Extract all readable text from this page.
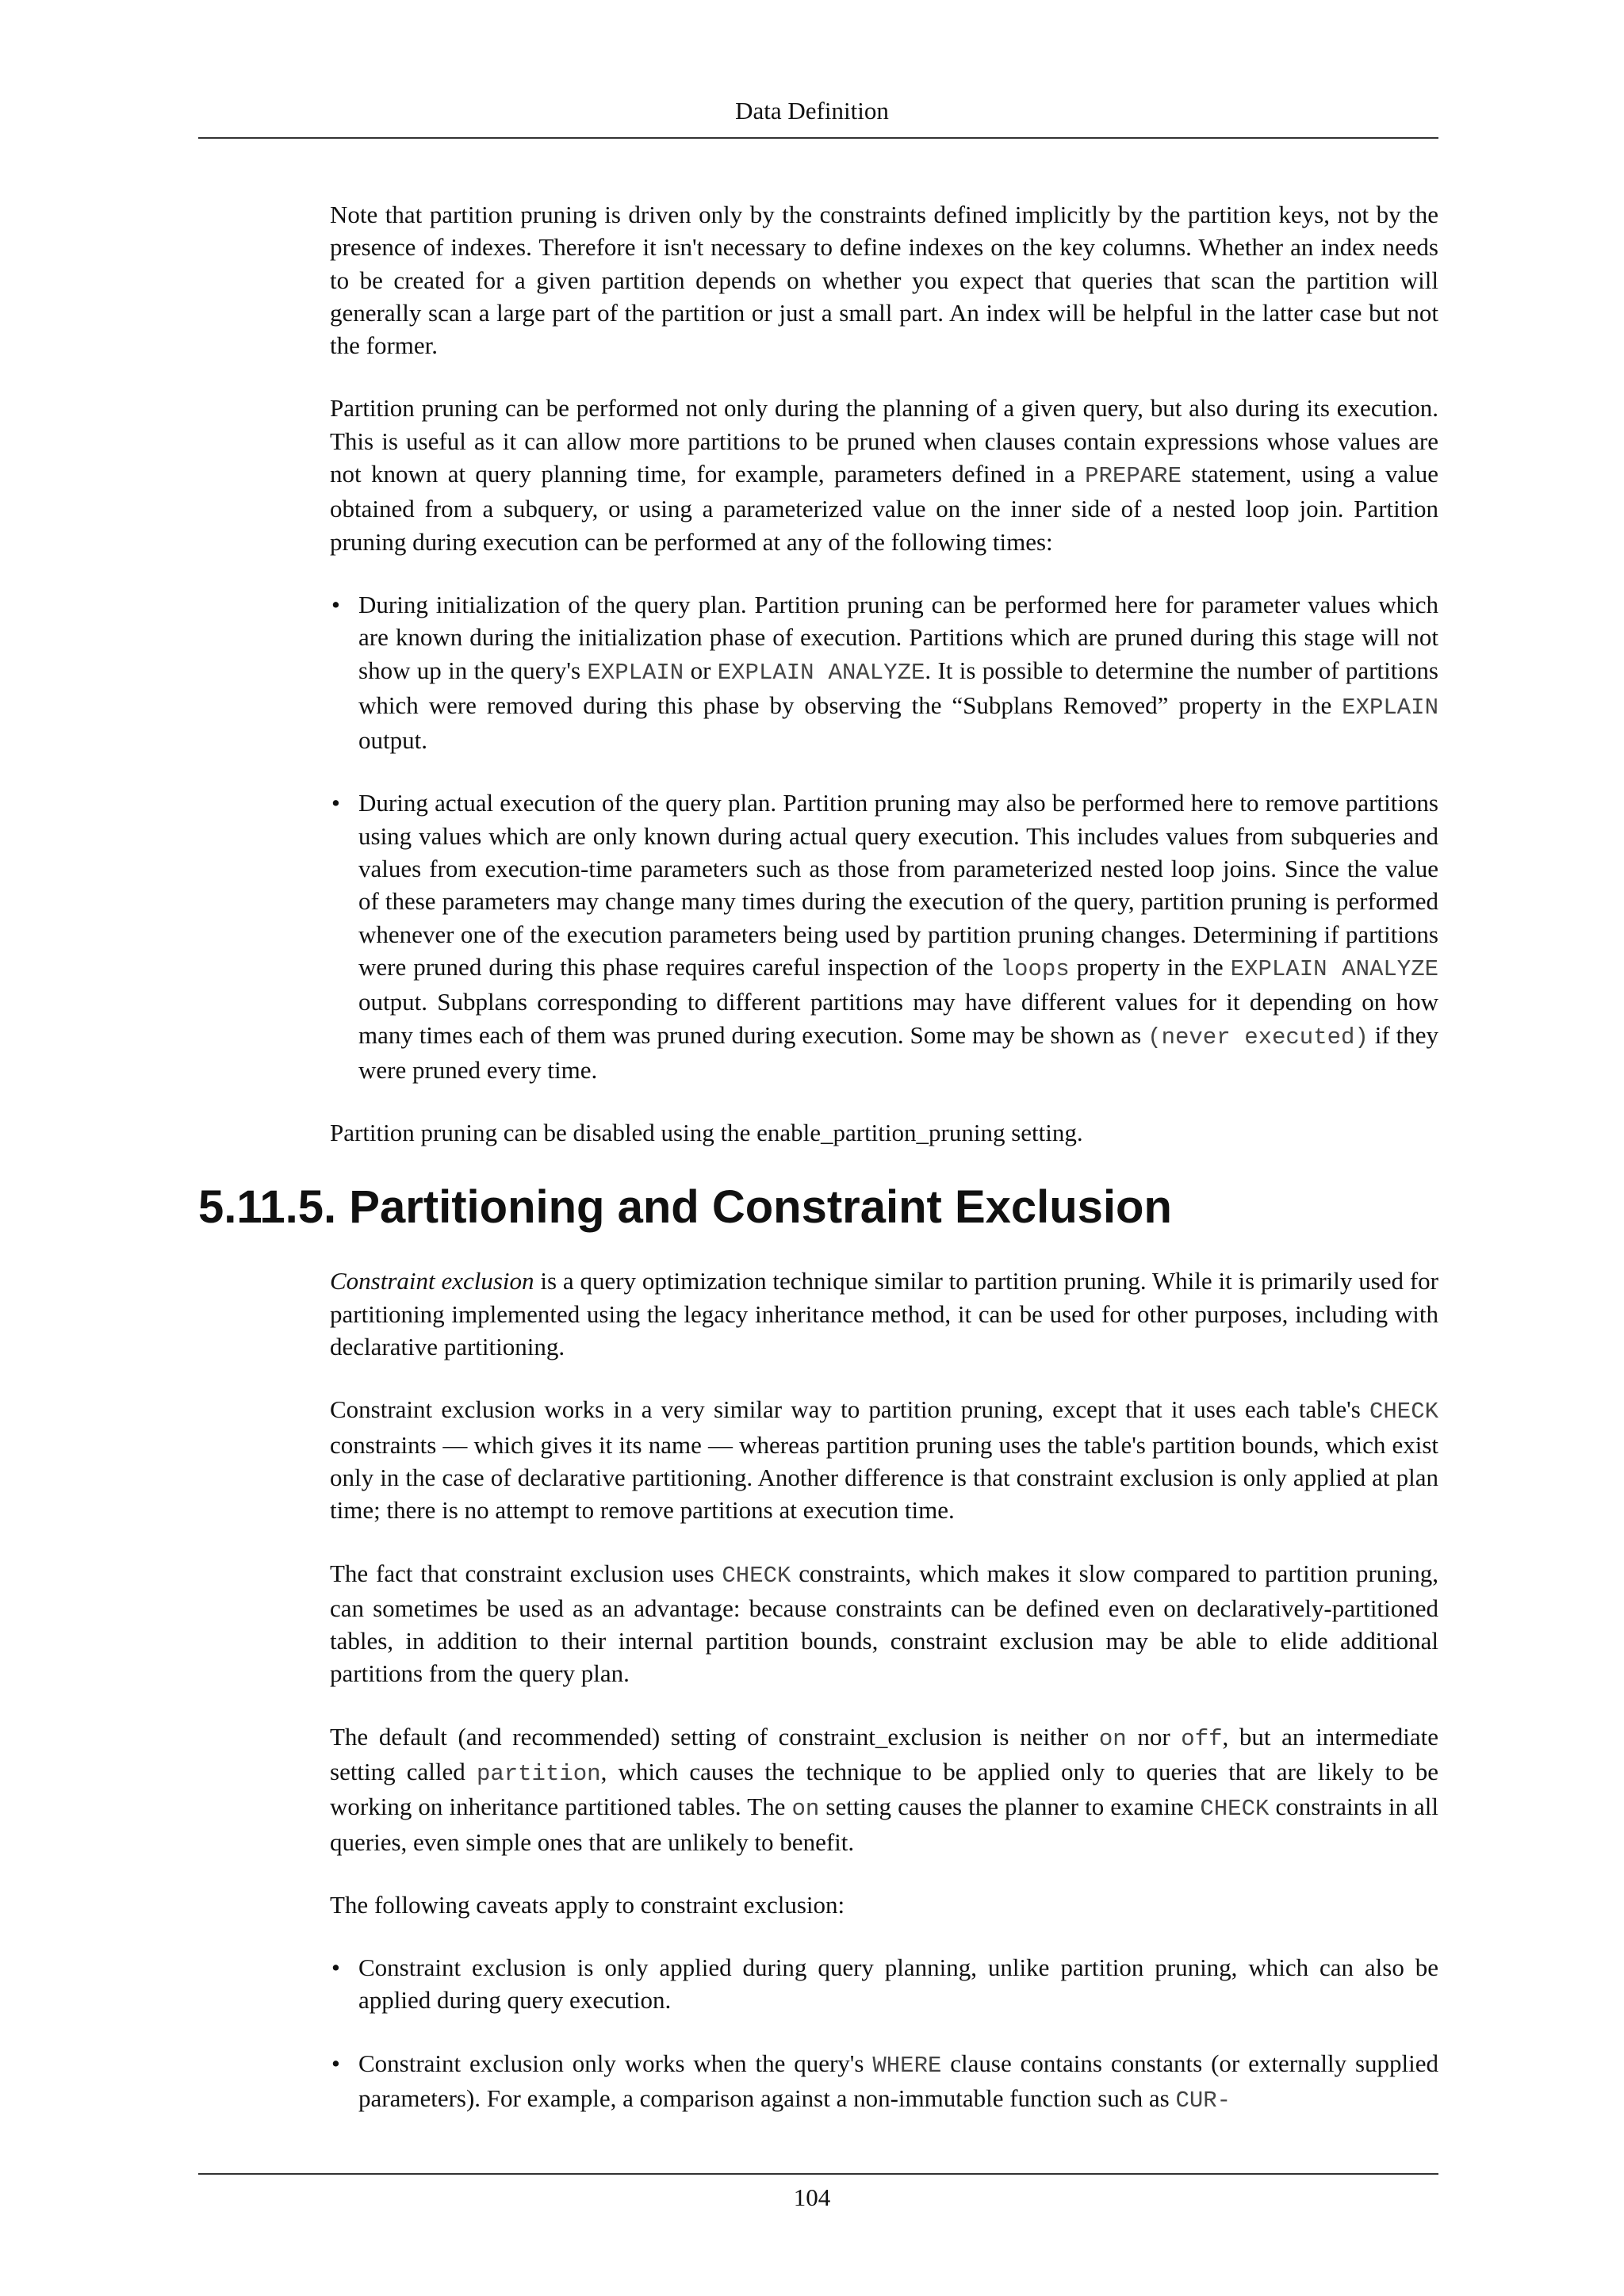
Data Definition

Note that partition pruning is driven only by the constraints defined implicitly by the partition keys, not by the presence of indexes. Therefore it isn't necessary to define indexes on the key columns. Whether an index needs to be created for a given partition depends on whether you expect that queries that scan the partition will generally scan a large part of the partition or just a small part. An index will be helpful in the latter case but not the former.

Partition pruning can be performed not only during the planning of a given query, but also during its execution. This is useful as it can allow more partitions to be pruned when clauses contain expressions whose values are not known at query planning time, for example, parameters defined in a PREPARE statement, using a value obtained from a subquery, or using a parameterized value on the inner side of a nested loop join. Partition pruning during execution can be performed at any of the following times:

• During initialization of the query plan. Partition pruning can be performed here for parameter values which are known during the initialization phase of execution. Partitions which are pruned during this stage will not show up in the query's EXPLAIN or EXPLAIN ANALYZE. It is possible to determine the number of partitions which were removed during this phase by observing the “Subplans Removed” property in the EXPLAIN output.
• During actual execution of the query plan. Partition pruning may also be performed here to remove partitions using values which are only known during actual query execution. This includes values from subqueries and values from execution-time parameters such as those from parameterized nested loop joins. Since the value of these parameters may change many times during the execution of the query, partition pruning is performed whenever one of the execution parameters being used by partition pruning changes. Determining if partitions were pruned during this phase requires careful inspection of the loops property in the EXPLAIN ANALYZE output. Subplans corresponding to different partitions may have different values for it depending on how many times each of them was pruned during execution. Some may be shown as (never executed) if they were pruned every time.

Partition pruning can be disabled using the enable_partition_pruning setting.

5.11.5. Partitioning and Constraint Exclusion

Constraint exclusion is a query optimization technique similar to partition pruning. While it is primarily used for partitioning implemented using the legacy inheritance method, it can be used for other purposes, including with declarative partitioning.

Constraint exclusion works in a very similar way to partition pruning, except that it uses each table's CHECK constraints — which gives it its name — whereas partition pruning uses the table's partition bounds, which exist only in the case of declarative partitioning. Another difference is that constraint exclusion is only applied at plan time; there is no attempt to remove partitions at execution time.

The fact that constraint exclusion uses CHECK constraints, which makes it slow compared to partition pruning, can sometimes be used as an advantage: because constraints can be defined even on declaratively-partitioned tables, in addition to their internal partition bounds, constraint exclusion may be able to elide additional partitions from the query plan.

The default (and recommended) setting of constraint_exclusion is neither on nor off, but an intermediate setting called partition, which causes the technique to be applied only to queries that are likely to be working on inheritance partitioned tables. The on setting causes the planner to examine CHECK constraints in all queries, even simple ones that are unlikely to benefit.

The following caveats apply to constraint exclusion:

• Constraint exclusion is only applied during query planning, unlike partition pruning, which can also be applied during query execution.
• Constraint exclusion only works when the query's WHERE clause contains constants (or externally supplied parameters). For example, a comparison against a non-immutable function such as CUR-
104
